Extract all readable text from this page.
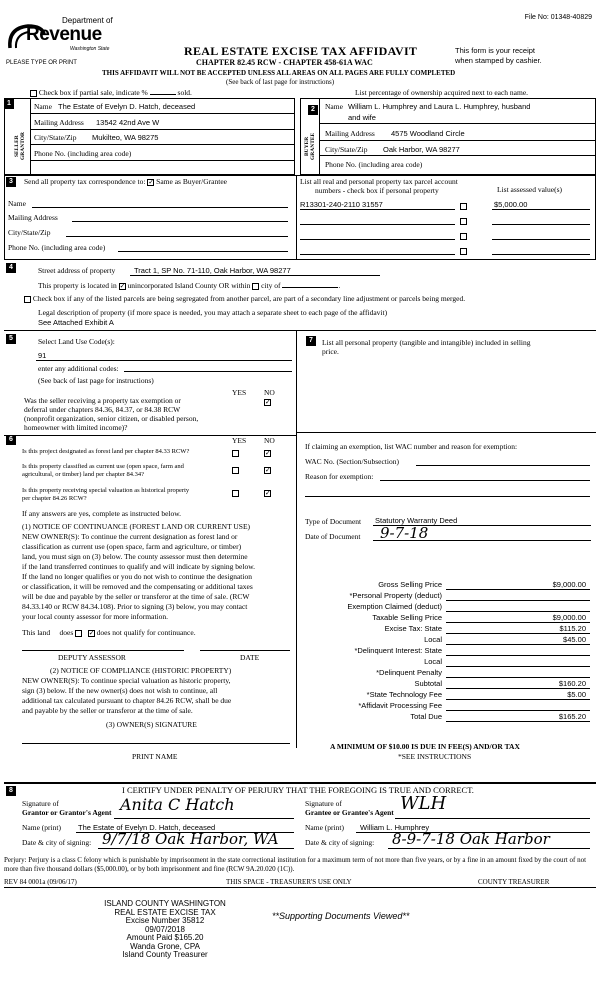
File No: 01348-40829
Department of
Revenue
Washington State
PLEASE TYPE OR PRINT
REAL ESTATE EXCISE TAX AFFIDAVIT
CHAPTER 82.45 RCW - CHAPTER 458-61A WAC
This form is your receipt
when stamped by cashier.
THIS AFFIDAVIT WILL NOT BE ACCEPTED UNLESS ALL AREAS ON ALL PAGES ARE FULLY COMPLETED
(See back of last page for instructions)
Check box if partial sale, indicate %	sold.	List percentage of ownership acquired next to each name.
1
2
SELLER GRANTOR	BUYER GRANTEE
Name The Estate of Evelyn D. Hatch, deceased
Mailing Address 13542 42nd Ave W
City/State/Zip Mukilteo, WA 98275
Phone No. (including area code)
Name William L. Humphrey and Laura L. Humphrey, husband
and wife
Mailing Address 4575 Woodland Circle
City/State/Zip Oak Harbor, WA 98277
Phone No. (including area code)
3	Send all property tax correspondence to: ✓ Same as Buyer/Grantee
Name
Mailing Address
City/State/Zip
Phone No. (including area code)
List all real and personal property tax parcel account
numbers - check box if personal property	List assessed value(s)
R13301-240-2110 31557	$5,000.00
4	Street address of property Tract 1, SP No. 71-110, Oak Harbor, WA 98277
This property is located in ✓ unincorporated Island County OR within city of	.
Check box if any of the listed parcels are being segregated from another parcel, are part of a secondary line adjustment or parcels being merged.
Legal description of property (if more space is needed, you may attach a separate sheet to each page of the affidavit)
See Attached Exhibit A
5	Select Land Use Code(s):
91
enter any additional codes:
(See back of last page for instructions)
YES NO
Was the seller receiving a property tax exemption or
deferral under chapters 84.36, 84.37, or 84.38 RCW
(nonprofit organization, senior citizen, or disabled person,
homeowner with limited income)?
✓
6	YES NO
Is this project designated as forest land per chapter 84.33 RCW?	✓
Is this property classified as current use (open space, farm and
agricultural, or timber) land per chapter 84.34?
✓
Is this property receiving special valuation as historical property
per chapter 84.26 RCW?
✓
If any answers are yes, complete as instructed below.
(1) NOTICE OF CONTINUANCE (FOREST LAND OR CURRENT USE)
NEW OWNER(S): To continue the current designation as forest land or
classification as current use (open space, farm and agriculture, or timber)
land, you must sign on (3) below. The county assessor must then determine
if the land transferred continues to qualify and will indicate by signing below.
If the land no longer qualifies or you do not wish to continue the designation
or classification, it will be removed and the compensating or additional taxes
will be due and payable by the seller or transferor at the time of sale. (RCW
84.33.140 or RCW 84.34.108). Prior to signing (3) below, you may contact
your local county assessor for more information.
This land does ✓ does not qualify for continuance.
DEPUTY ASSESSOR	DATE
(2) NOTICE OF COMPLIANCE (HISTORIC PROPERTY)
NEW OWNER(S): To continue special valuation as historic property,
sign (3) below. If the new owner(s) does not wish to continue, all
additional tax calculated pursuant to chapter 84.26 RCW, shall be due
and payable by the seller or transferor at the time of sale.
(3) OWNER(S) SIGNATURE
PRINT NAME
7	List all personal property (tangible and intangible) included in selling
price.
If claiming an exemption, list WAC number and reason for exemption:
WAC No. (Section/Subsection)
Reason for exemption:
Type of Document Statutory Warranty Deed
Date of Document 9-7-18
Gross Selling Price	$9,000.00
*Personal Property (deduct)
Exemption Claimed (deduct)
Taxable Selling Price	$9,000.00
Excise Tax: State	$115.20
Local	$45.00
*Delinquent Interest: State
Local
*Delinquent Penalty
Subtotal	$160.20
*State Technology Fee	$5.00
*Affidavit Processing Fee
Total Due	$165.20
A MINIMUM OF $10.00 IS DUE IN FEE(S) AND/OR TAX
*SEE INSTRUCTIONS
8	I CERTIFY UNDER PENALTY OF PERJURY THAT THE FOREGOING IS TRUE AND CORRECT.
Signature of
Grantor or Grantor's Agent Anita C Hatch	Signature of
Grantee or Grantee's Agent WLH
Name (print) The Estate of Evelyn D. Hatch, deceased	Name (print) William L. Humphrey
Date & city of signing: 9/7/18 Oak Harbor, WA	Date & city of signing: 8-9-7-18 Oak Harbor
Perjury: Perjury is a class C felony which is punishable by imprisonment in the state correctional institution for a maximum term of not more than five years, or by a fine in an amount fixed by the court of not more than five thousand dollars ($5,000.00), or by both imprisonment and fine (RCW 9A.20.020 (1C)).
REV 84 0001a (09/06/17)	THIS SPACE - TREASURER'S USE ONLY	COUNTY TREASURER
ISLAND COUNTY WASHINGTON
REAL ESTATE EXCISE TAX
Excise Number 35812
09/07/2018
Amount Paid $165.20
Wanda Grone, CPA
Island County Treasurer
**Supporting Documents Viewed**
